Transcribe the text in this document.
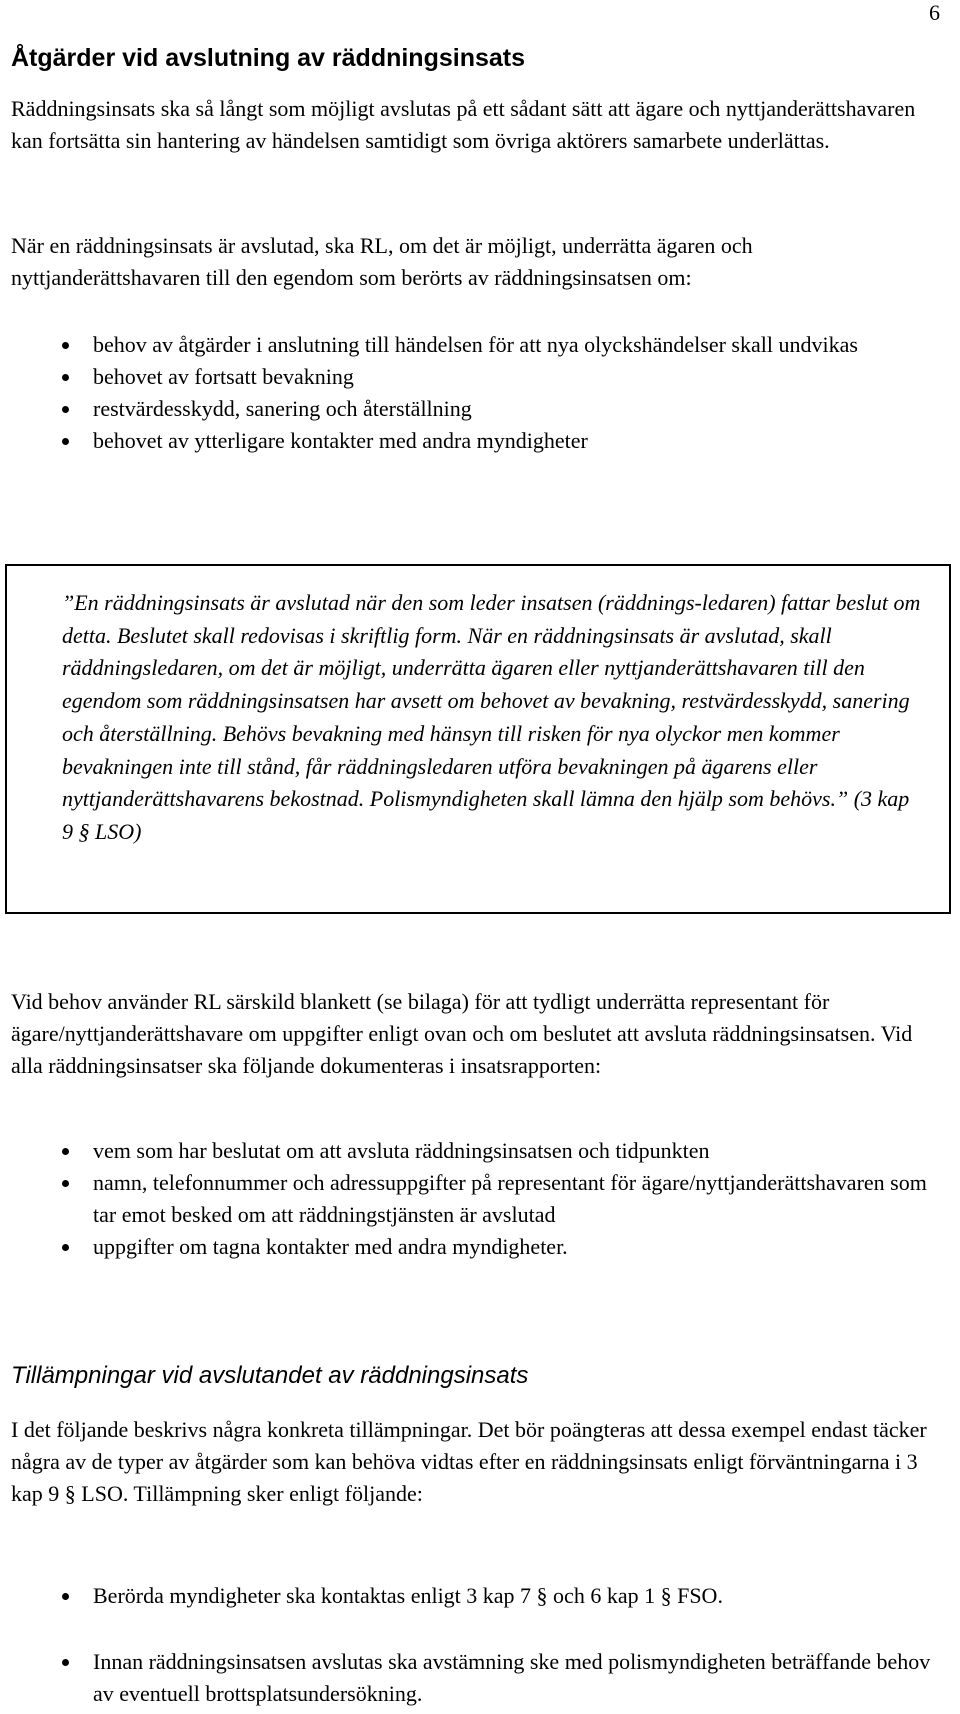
6
Åtgärder vid avslutning av räddningsinsats

Räddningsinsats ska så långt som möjligt avslutas på ett sådant sätt att ägare och nyttjanderättshavaren kan fortsätta sin hantering av händelsen samtidigt som övriga aktörers samarbete underlättas.

När en räddningsinsats är avslutad, ska RL, om det är möjligt, underrätta ägaren och nyttjanderättshavaren till den egendom som berörts av räddningsinsatsen om:

behov av åtgärder i anslutning till händelsen för att nya olyckshändelser skall undvikas
behovet av fortsatt bevakning
restvärdesskydd, sanering och återställning
behovet av ytterligare kontakter med andra myndigheter

”En räddningsinsats är avslutad när den som leder insatsen (räddnings-ledaren) fattar beslut om detta. Beslutet skall redovisas i skriftlig form. När en räddningsinsats är avslutad, skall räddningsledaren, om det är möjligt, underrätta ägaren eller nyttjanderättshavaren till den egendom som räddningsinsatsen har avsett om behovet av bevakning, restvärdesskydd, sanering och återställning. Behövs bevakning med hänsyn till risken för nya olyckor men kommer bevakningen inte till stånd, får räddningsledaren utföra bevakningen på ägarens eller nyttjanderättshavarens bekostnad. Polismyndigheten skall lämna den hjälp som behövs.” (3 kap 9 § LSO)

Vid behov använder RL särskild blankett (se bilaga) för att tydligt underrätta representant för ägare/nyttjanderättshavare om uppgifter enligt ovan och om beslutet att avsluta räddningsinsatsen. Vid alla räddningsinsatser ska följande dokumenteras i insatsrapporten:

vem som har beslutat om att avsluta räddningsinsatsen och tidpunkten
namn, telefonnummer och adressuppgifter på representant för ägare/nyttjanderättshavaren som tar emot besked om att räddningstjänsten är avslutad
uppgifter om tagna kontakter med andra myndigheter.
Tillämpningar vid avslutandet av räddningsinsats

I det följande beskrivs några konkreta tillämpningar. Det bör poängteras att dessa exempel endast täcker några av de typer av åtgärder som kan behöva vidtas efter en räddningsinsats enligt förväntningarna i 3 kap 9 § LSO. Tillämpning sker enligt följande:

Berörda myndigheter ska kontaktas enligt 3 kap 7 § och 6 kap 1 § FSO.
Innan räddningsinsatsen avslutas ska avstämning ske med polismyndigheten beträffande behov av eventuell brottsplatsundersökning.
